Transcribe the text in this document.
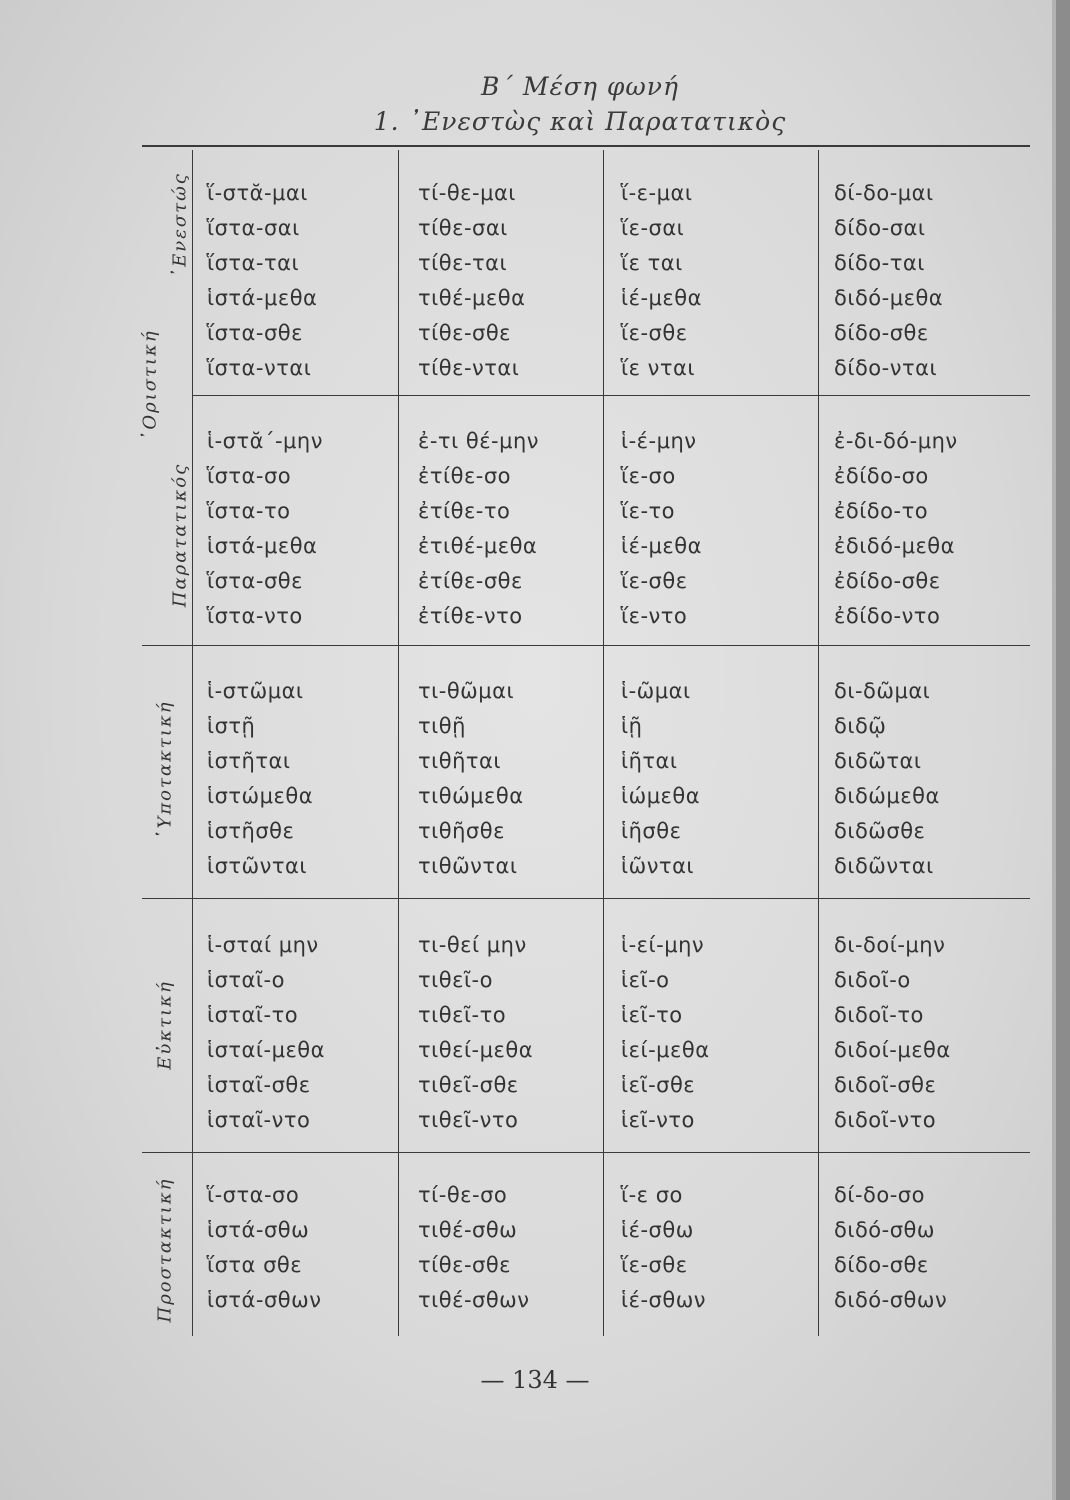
Β΄ Μέση φωνή
1. ᾿Ενεστὼς καὶ Παρατατικὸς
ἵ-στᾰ-μαι
ἵστα-σαι
ἵστα-ται
ἱστά-μεθα
ἵστα-σθε
ἵστα-νται
τί-θε-μαι
τίθε-σαι
τίθε-ται
τιθέ-μεθα
τίθε-σθε
τίθε-νται
ἵ-ε-μαι
ἵε-σαι
ἵε ται
ἱέ-μεθα
ἵε-σθε
ἵε νται
δί-δο-μαι
δίδο-σαι
δίδο-ται
διδό-μεθα
δίδο-σθε
δίδο-νται
ἱ-στᾰ΄-μην
ἵστα-σο
ἵστα-το
ἱστά-μεθα
ἵστα-σθε
ἵστα-ντο
ἐ-τι θέ-μην
ἐτίθε-σο
ἐτίθε-το
ἐτιθέ-μεθα
ἐτίθε-σθε
ἐτίθε-ντο
ἱ-έ-μην
ἵε-σο
ἵε-το
ἱέ-μεθα
ἵε-σθε
ἵε-ντο
ἐ-δι-δό-μην
ἐδίδο-σο
ἐδίδο-το
ἐδιδό-μεθα
ἐδίδο-σθε
ἐδίδο-ντο
ἱ-στῶμαι
ἱστῇ
ἱστῆται
ἱστώμεθα
ἱστῆσθε
ἱστῶνται
τι-θῶμαι
τιθῇ
τιθῆται
τιθώμεθα
τιθῆσθε
τιθῶνται
ἱ-ῶμαι
ἱῇ
ἱῆται
ἱώμεθα
ἱῆσθε
ἱῶνται
δι-δῶμαι
διδῷ
διδῶται
διδώμεθα
διδῶσθε
διδῶνται
ἱ-σταί μην
ἱσταῖ-ο
ἱσταῖ-το
ἱσταί-μεθα
ἱσταῖ-σθε
ἱσταῖ-ντο
τι-θεί μην
τιθεῖ-ο
τιθεῖ-το
τιθεί-μεθα
τιθεῖ-σθε
τιθεῖ-ντο
ἱ-εί-μην
ἱεῖ-ο
ἱεῖ-το
ἱεί-μεθα
ἱεῖ-σθε
ἱεῖ-ντο
δι-δοί-μην
διδοῖ-ο
διδοῖ-το
διδοί-μεθα
διδοῖ-σθε
διδοῖ-ντο
ἵ-στα-σο
ἱστά-σθω
ἵστα σθε
ἱστά-σθων
τί-θε-σο
τιθέ-σθω
τίθε-σθε
τιθέ-σθων
ἵ-ε σο
ἱέ-σθω
ἵε-σθε
ἱέ-σθων
δί-δο-σο
διδό-σθω
δίδο-σθε
διδό-σθων
᾿Οριστική
᾿Ενεστώς
Παρατατικός
῾Υποτακτική
Εὐκτική
Προστακτική
— 134 —
